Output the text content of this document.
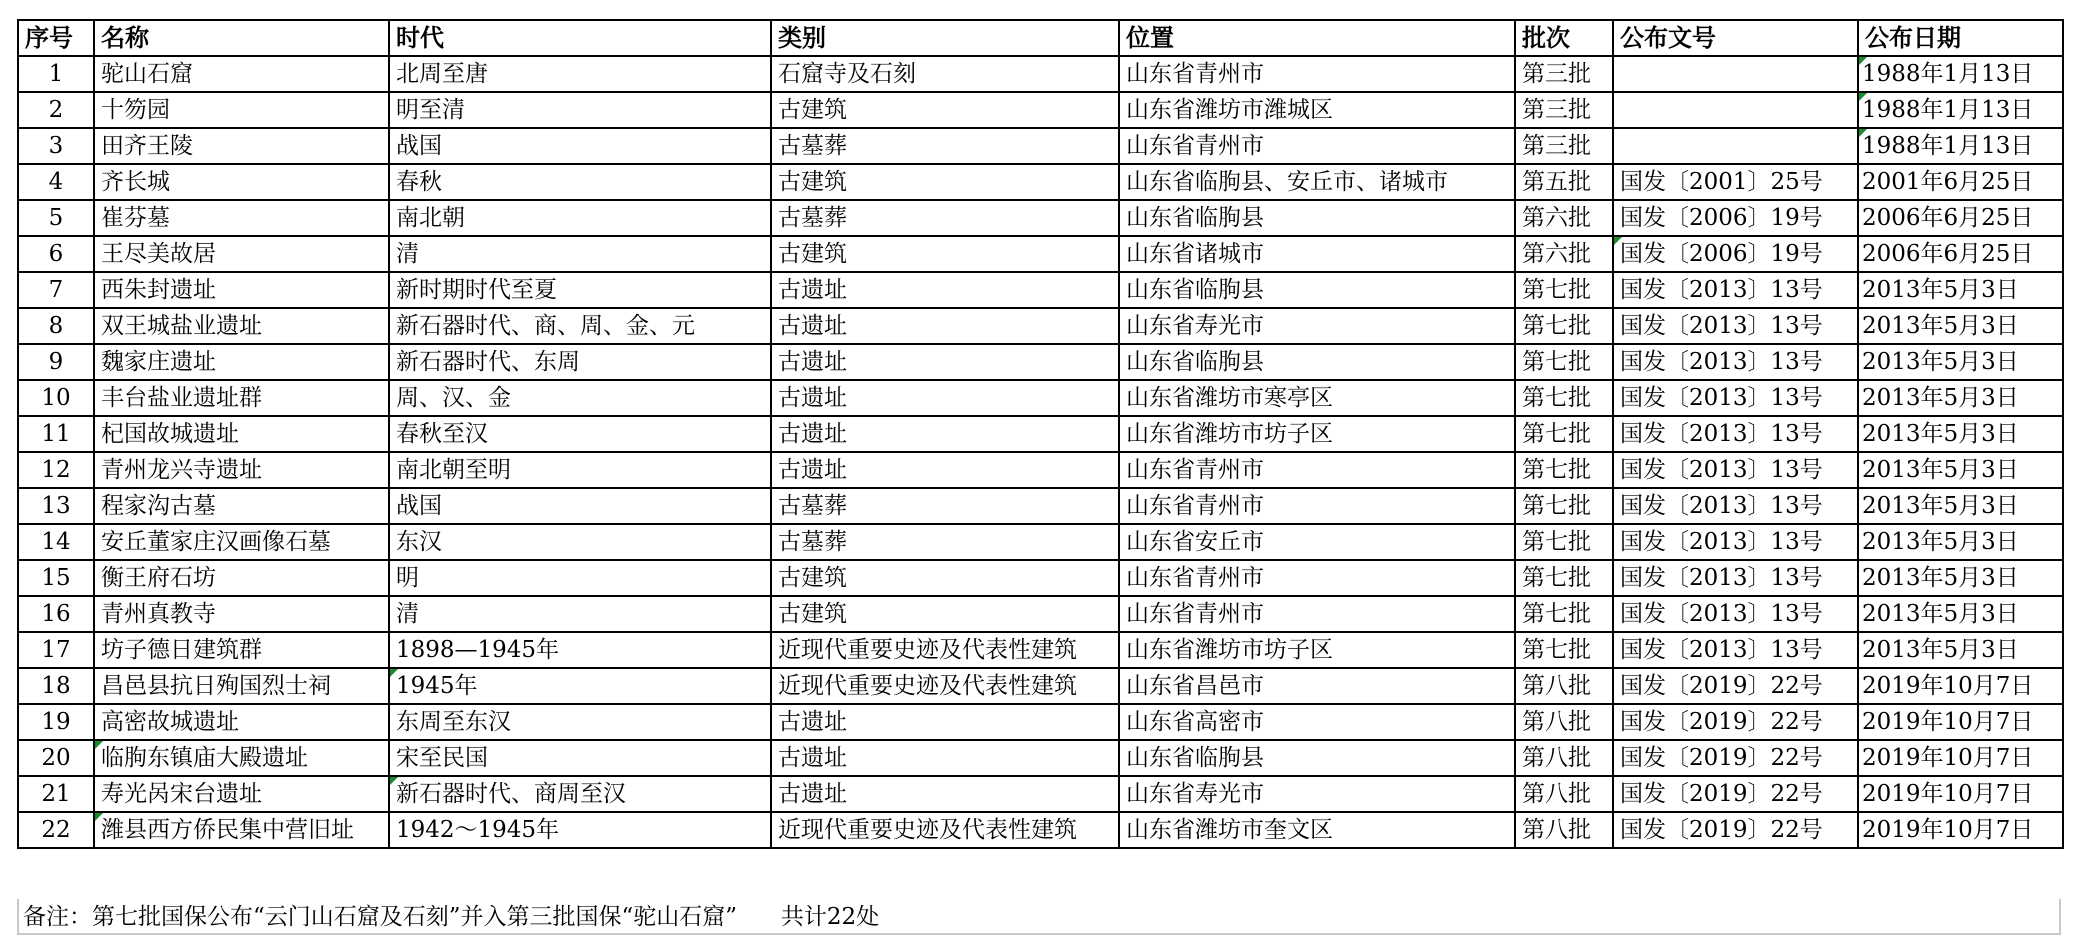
序号	名称	时代	类别	位置	批次	公布文号	公布日期
1	驼山石窟	北周至唐	石窟寺及石刻	山东省青州市	第三批		1988年1月13日
2	十笏园	明至清	古建筑	山东省潍坊市潍城区	第三批		1988年1月13日
3	田齐王陵	战国	古墓葬	山东省青州市	第三批		1988年1月13日
4	齐长城	春秋	古建筑	山东省临朐县、安丘市、诸城市	第五批	国发〔2001〕25号	2001年6月25日
5	崔芬墓	南北朝	古墓葬	山东省临朐县	第六批	国发〔2006〕19号	2006年6月25日
6	王尽美故居	清	古建筑	山东省诸城市	第六批	国发〔2006〕19号	2006年6月25日
7	西朱封遗址	新时期时代至夏	古遗址	山东省临朐县	第七批	国发〔2013〕13号	2013年5月3日
8	双王城盐业遗址	新石器时代、商、周、金、元	古遗址	山东省寿光市	第七批	国发〔2013〕13号	2013年5月3日
9	魏家庄遗址	新石器时代、东周	古遗址	山东省临朐县	第七批	国发〔2013〕13号	2013年5月3日
10	丰台盐业遗址群	周、汉、金	古遗址	山东省潍坊市寒亭区	第七批	国发〔2013〕13号	2013年5月3日
11	杞国故城遗址	春秋至汉	古遗址	山东省潍坊市坊子区	第七批	国发〔2013〕13号	2013年5月3日
12	青州龙兴寺遗址	南北朝至明	古遗址	山东省青州市	第七批	国发〔2013〕13号	2013年5月3日
13	程家沟古墓	战国	古墓葬	山东省青州市	第七批	国发〔2013〕13号	2013年5月3日
14	安丘董家庄汉画像石墓	东汉	古墓葬	山东省安丘市	第七批	国发〔2013〕13号	2013年5月3日
15	衡王府石坊	明	古建筑	山东省青州市	第七批	国发〔2013〕13号	2013年5月3日
16	青州真教寺	清	古建筑	山东省青州市	第七批	国发〔2013〕13号	2013年5月3日
17	坊子德日建筑群	1898—1945年	近现代重要史迹及代表性建筑	山东省潍坊市坊子区	第七批	国发〔2013〕13号	2013年5月3日
18	昌邑县抗日殉国烈士祠	1945年	近现代重要史迹及代表性建筑	山东省昌邑市	第八批	国发〔2019〕22号	2019年10月7日
19	高密故城遗址	东周至东汉	古遗址	山东省高密市	第八批	国发〔2019〕22号	2019年10月7日
20	临朐东镇庙大殿遗址	宋至民国	古遗址	山东省临朐县	第八批	国发〔2019〕22号	2019年10月7日
21	寿光呙宋台遗址	新石器时代、商周至汉	古遗址	山东省寿光市	第八批	国发〔2019〕22号	2019年10月7日
22	潍县西方侨民集中营旧址	1942～1945年	近现代重要史迹及代表性建筑	山东省潍坊市奎文区	第八批	国发〔2019〕22号	2019年10月7日
备注：第七批国保公布“云门山石窟及石刻”并入第三批国保“驼山石窟”      共计22处
